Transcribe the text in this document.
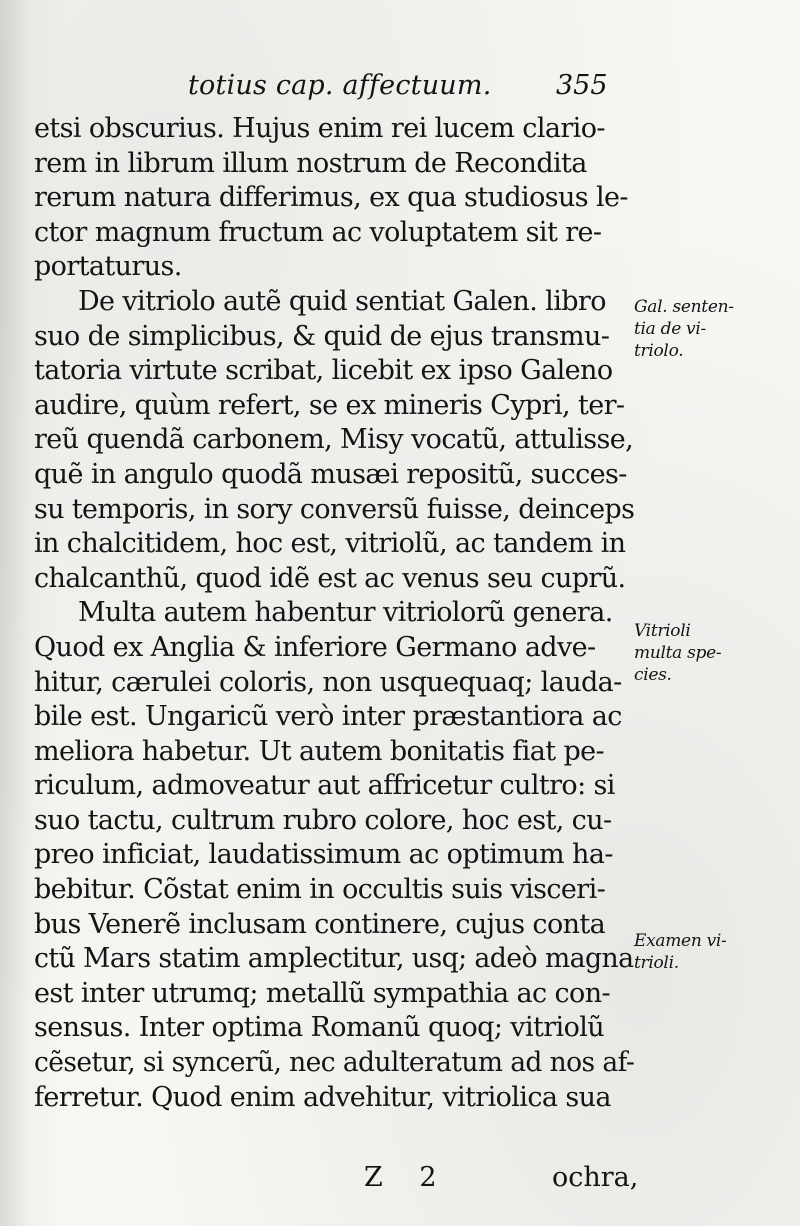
totius cap. affectuum. 355
etsi obscurius. Hujus enim rei lucem clario-
rem in librum illum nostrum de Recondita
rerum natura differimus, ex qua studiosus le-
ctor magnum fructum ac voluptatem sit re-
portaturus.
De vitriolo autẽ quid sentiat Galen. libro
suo de simplicibus, & quid de ejus transmu-
tatoria virtute scribat, licebit ex ipso Galeno
audire, quùm refert, se ex mineris Cypri, ter-
reũ quendã carbonem, Misy vocatũ, attulisse,
quẽ in angulo quodã musæi repositũ, succes-
su temporis, in sory conversũ fuisse, deinceps
in chalcitidem, hoc est, vitriolũ, ac tandem in
chalcanthũ, quod idẽ est ac venus seu cuprũ.
Multa autem habentur vitriolorũ genera.
Quod ex Anglia & inferiore Germano adve-
hitur, cærulei coloris, non usquequaq; lauda-
bile est. Ungaricũ verò inter præstantiora ac
meliora habetur. Ut autem bonitatis fiat pe-
riculum, admoveatur aut affricetur cultro: si
suo tactu, cultrum rubro colore, hoc est, cu-
preo inficiat, laudatissimum ac optimum ha-
bebitur. Cõstat enim in occultis suis visceri-
bus Venerẽ inclusam continere, cujus conta
ctũ Mars statim amplectitur, usq; adeò magna
est inter utrumq; metallũ sympathia ac con-
sensus. Inter optima Romanũ quoq; vitriolũ
cẽsetur, si syncerũ, nec adulteratum ad nos af-
ferretur. Quod enim advehitur, vitriolica sua
Gal. senten-
tia de vi-
triolo.
Vitrioli
multa spe-
cies.
Examen vi-
trioli.
Z 2	ochra,
